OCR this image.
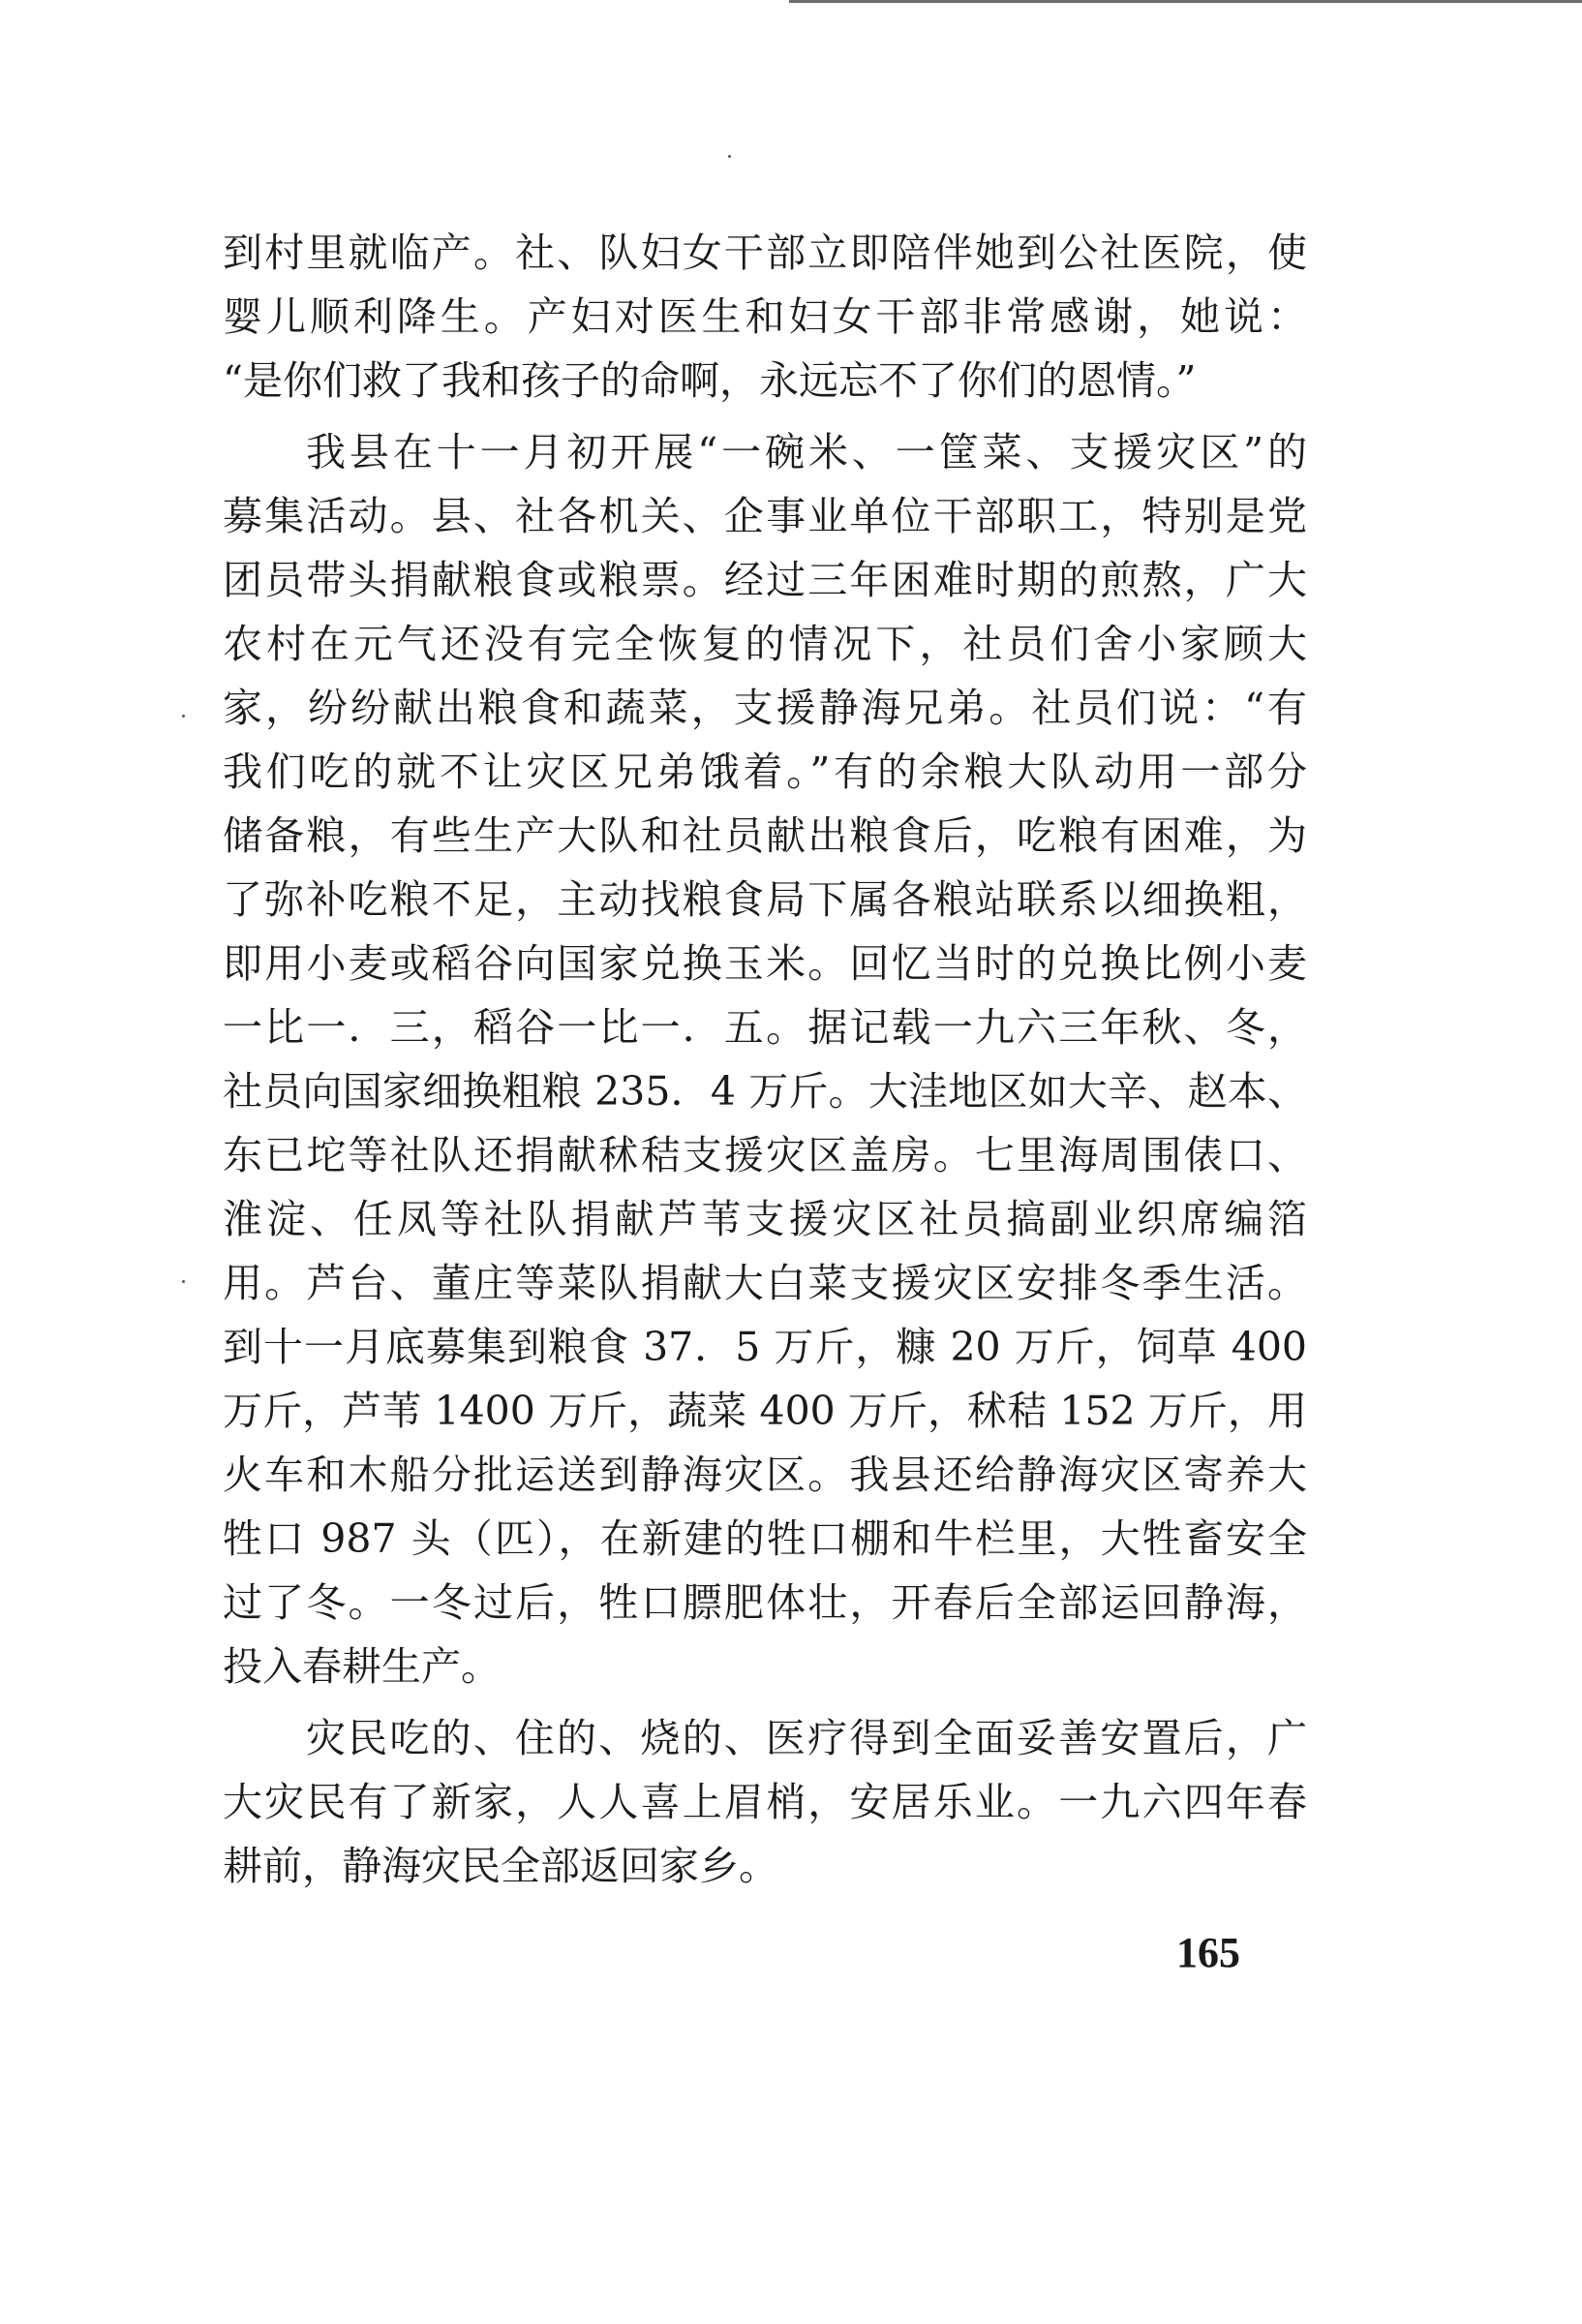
到村里就临产。社、队妇女干部立即陪伴她到公社医院，使
婴儿顺利降生。产妇对医生和妇女干部非常感谢，她说：
“是你们救了我和孩子的命啊，永远忘不了你们的恩情。”
我县在十一月初开展“一碗米、一筐菜、支援灾区”的
募集活动。县、社各机关、企事业单位干部职工，特别是党
团员带头捐献粮食或粮票。经过三年困难时期的煎熬，广大
农村在元气还没有完全恢复的情况下，社员们舍小家顾大
家，纷纷献出粮食和蔬菜，支援静海兄弟。社员们说：“有
我们吃的就不让灾区兄弟饿着。”有的余粮大队动用一部分
储备粮，有些生产大队和社员献出粮食后，吃粮有困难，为
了弥补吃粮不足，主动找粮食局下属各粮站联系以细换粗，
即用小麦或稻谷向国家兑换玉米。回忆当时的兑换比例小麦
一比一．三，稻谷一比一．五。据记载一九六三年秋、冬，
社员向国家细换粗粮 235．4 万斤。大洼地区如大辛、赵本、
东已坨等社队还捐献秫秸支援灾区盖房。七里海周围俵口、
淮淀、任凤等社队捐献芦苇支援灾区社员搞副业织席编箔
用。芦台、董庄等菜队捐献大白菜支援灾区安排冬季生活。
到十一月底募集到粮食 37．5 万斤，糠 20 万斤，饲草 400
万斤，芦苇 1400 万斤，蔬菜 400 万斤，秫秸 152 万斤，用
火车和木船分批运送到静海灾区。我县还给静海灾区寄养大
牲口 987 头（匹），在新建的牲口棚和牛栏里，大牲畜安全
过了冬。一冬过后，牲口膘肥体壮，开春后全部运回静海，
投入春耕生产。
灾民吃的、住的、烧的、医疗得到全面妥善安置后，广
大灾民有了新家，人人喜上眉梢，安居乐业。一九六四年春
耕前，静海灾民全部返回家乡。
165
